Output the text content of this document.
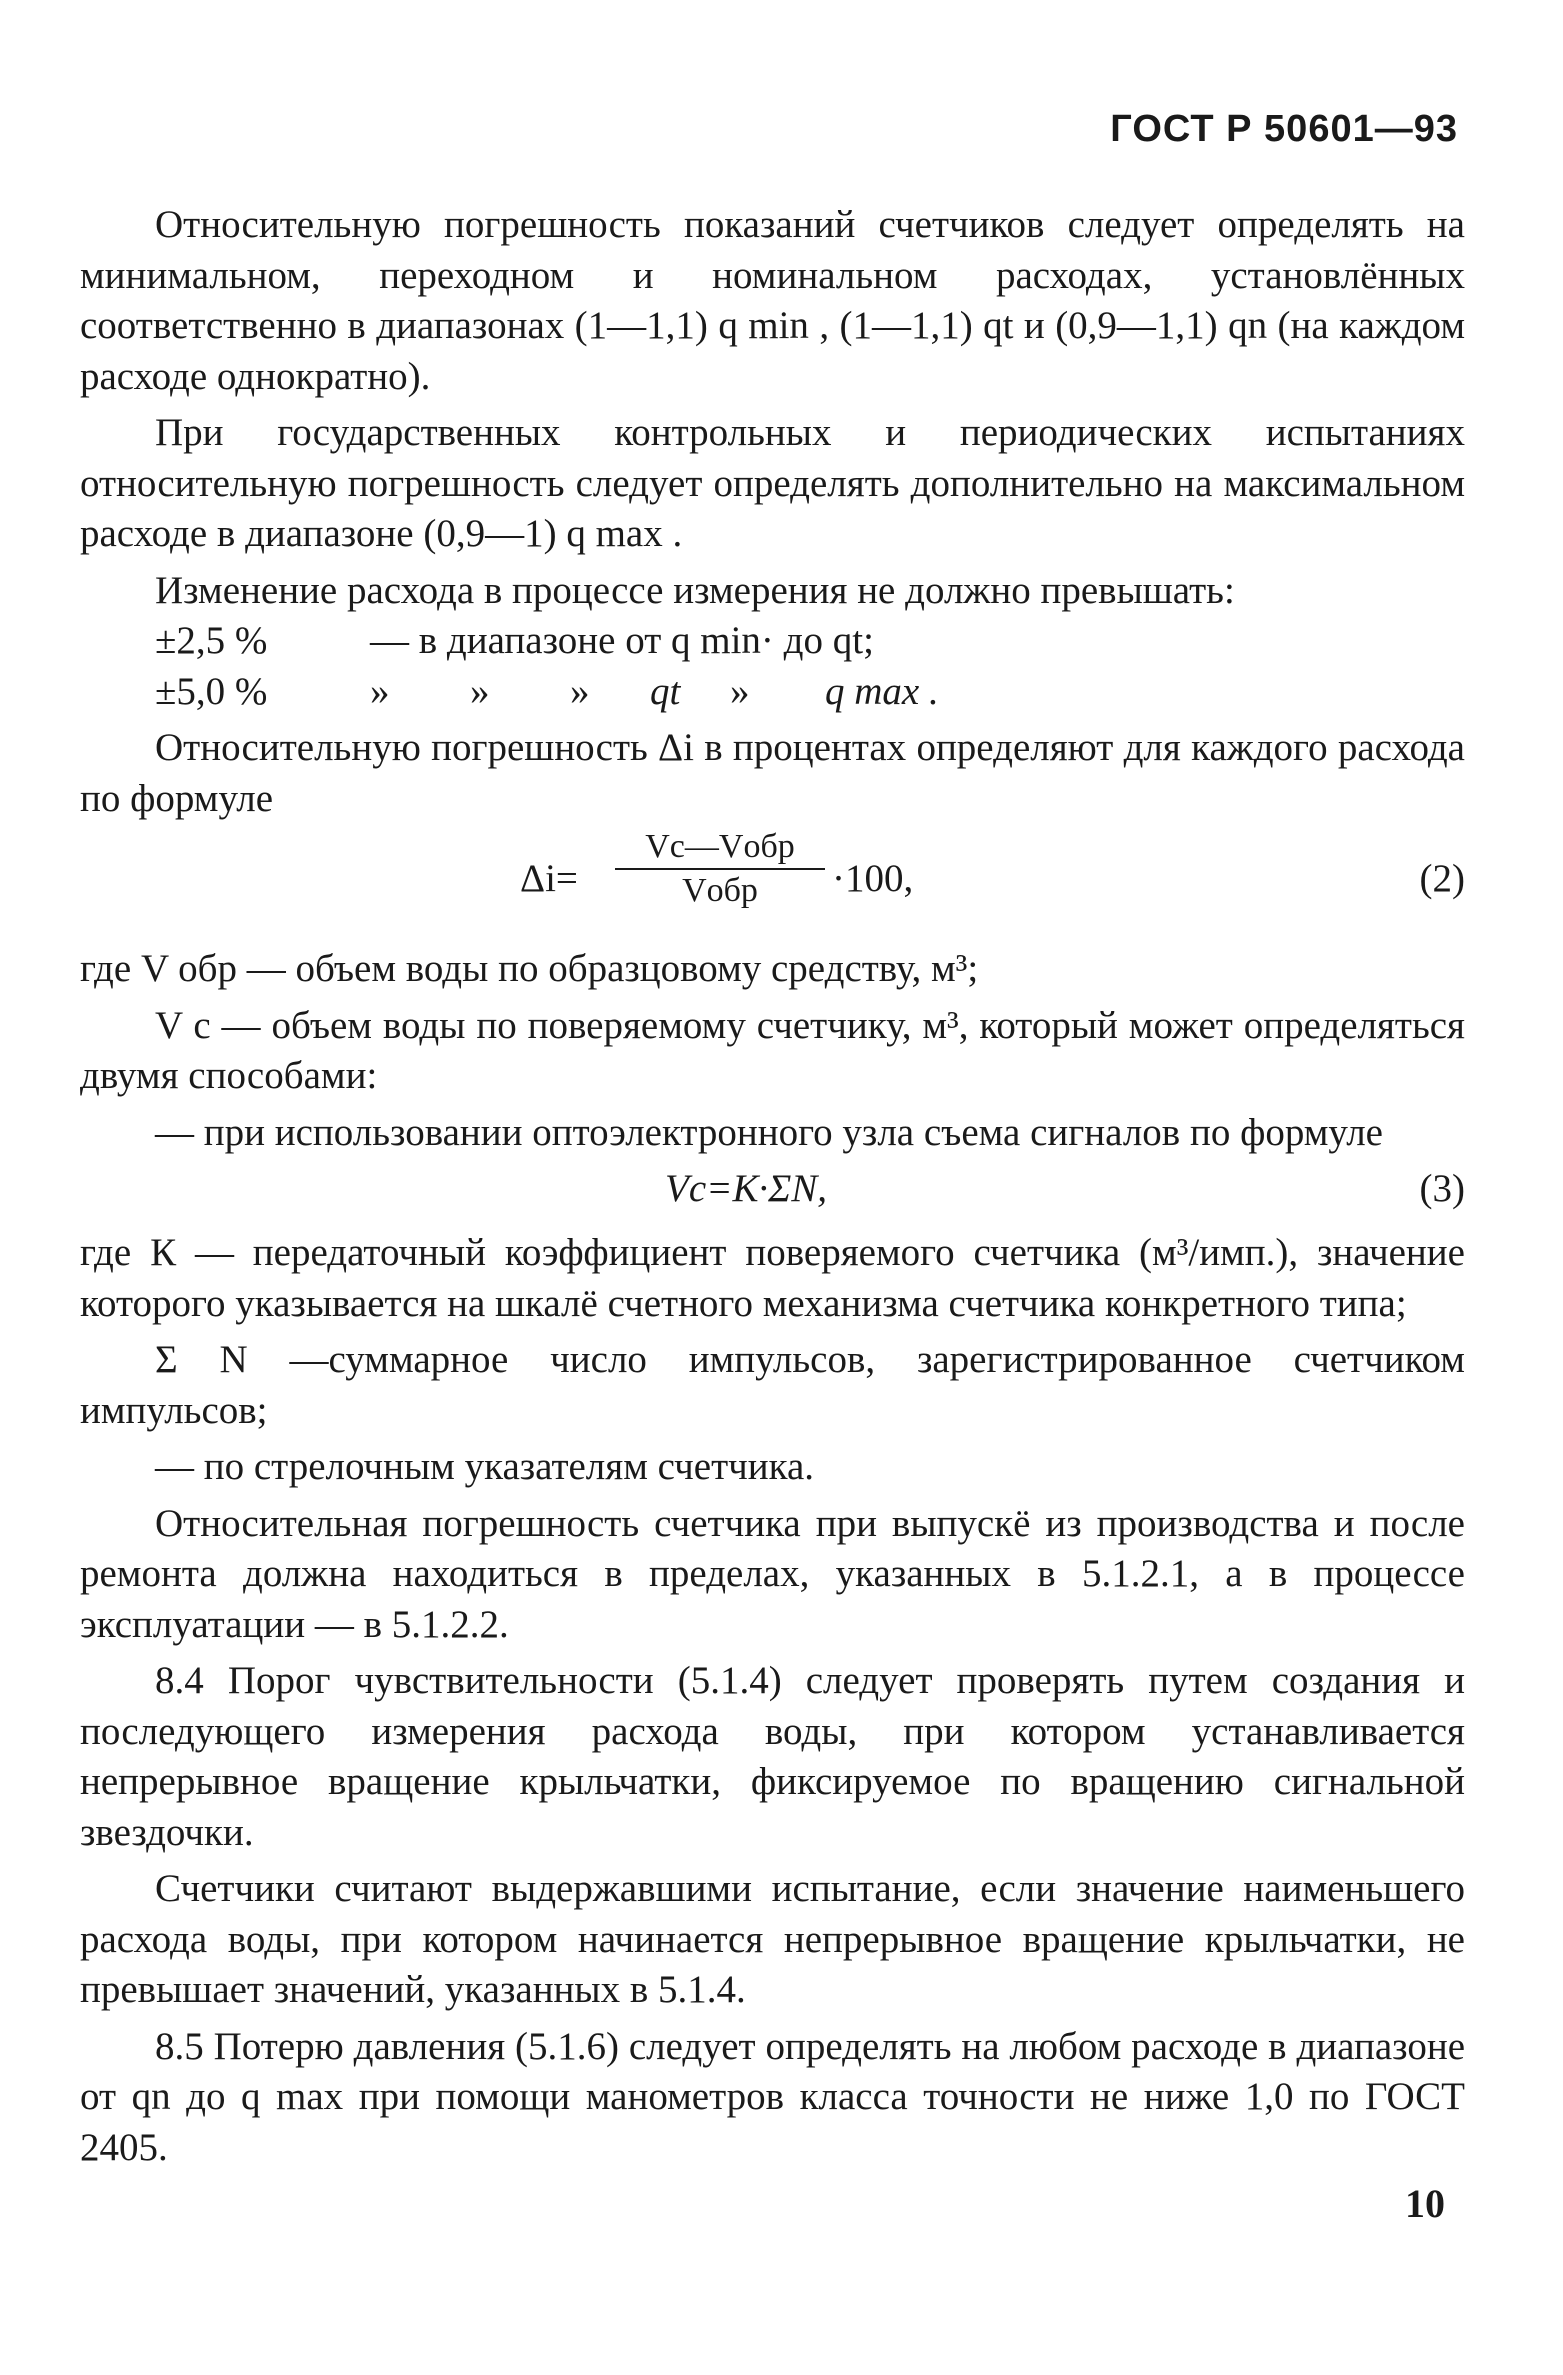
ГОСТ Р 50601—93

Относительную погрешность показаний счетчиков следует определять на минимальном, переходном и номинальном расходах, установлённых соответственно в диапазонах (1—1,1) q min , (1—1,1) qt и (0,9—1,1) qn (на каждом расходе однократно).

При государственных контрольных и периодических испытаниях относительную погрешность следует определять дополнительно на максимальном расходе в диапазоне (0,9—1) q max .

Изменение расхода в процессе измерения не должно превышать:

±2,5 %	— в диапазоне от q min· до qt;
±5,0 %	»	»	»	qt	»	q max .

Относительную погрешность Δi в процентах определяют для каждого расхода по формуле

Δi=
Vс—Vобр
Vобр	·100,	(2)

где V обр — объем воды по образцовому средству, м³;

V с — объем воды по поверяемому счетчику, м³, который может определяться двумя способами:

— при использовании оптоэлектронного узла съема сигналов по формуле

Vс=К·ΣN,	(3)

где К — передаточный коэффициент поверяемого счетчика (м³/имп.), значение которого указывается на шкалё счетного механизма счетчика конкретного типа;

Σ N —суммарное число импульсов, зарегистрированное счетчиком импульсов;

— по стрелочным указателям счетчика.

Относительная погрешность счетчика при выпускё из производства и после ремонта должна находиться в пределах, указанных в 5.1.2.1, а в процессе эксплуатации — в 5.1.2.2.

8.4 Порог чувствительности (5.1.4) следует проверять путем создания и последующего измерения расхода воды, при котором устанавливается непрерывное вращение крыльчатки, фиксируемое по вращению сигнальной звездочки.

Счетчики считают выдержавшими испытание, если значение наименьшего расхода воды, при котором начинается непрерывное вращение крыльчатки, не превышает значений, указанных в 5.1.4.

8.5 Потерю давления (5.1.6) следует определять на любом расходе в диапазоне от qn до q max при помощи манометров класса точности не ниже 1,0 по ГОСТ 2405.

10
